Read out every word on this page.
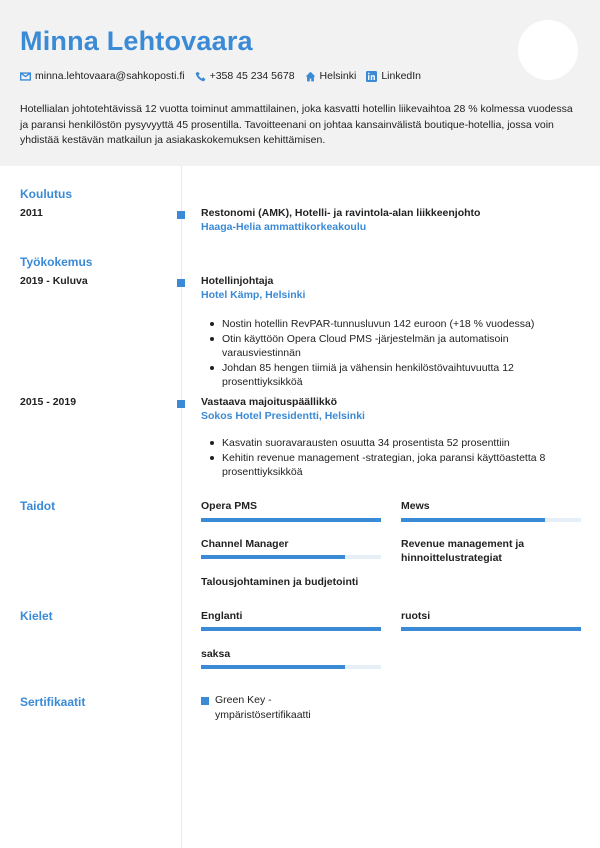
Minna Lehtovaara
minna.lehtovaara@sahkoposti.fi +358 45 234 5678 Helsinki LinkedIn
Hotellialan johtotehtävissä 12 vuotta toiminut ammattilainen, joka kasvatti hotellin liikevaihtoa 28 % kolmessa vuodessa ja paransi henkilöstön pysyvyyttä 45 prosentilla. Tavoitteenani on johtaa kansainvälistä boutique-hotellia, jossa voin yhdistää kestävän matkailun ja asiakaskokemuksen kehittämisen.
Koulutus
2011	Restonomi (AMK), Hotelli- ja ravintola-alan liikkeenjohto
Haaga-Helia ammattikorkeakoulu
Työkokemus
2019 - Kuluva	Hotellinjohtaja
Hotel Kämp, Helsinki
Nostin hotellin RevPAR-tunnusluvun 142 euroon (+18 % vuodessa)
Otin käyttöön Opera Cloud PMS -järjestelmän ja automatisoin varausviestinnän
Johdan 85 hengen tiimiä ja vähensin henkilöstövaihtuvuutta 12 prosenttiyksikköä
2015 - 2019	Vastaava majoituspäällikkö
Sokos Hotel Presidentti, Helsinki
Kasvatin suoravarausten osuutta 34 prosentista 52 prosenttiin
Kehitin revenue management -strategian, joka paransi käyttöastetta 8 prosenttiyksikköä
Taidot	Opera PMS	Mews
Channel Manager	Revenue management ja hinnoittelustrategiat
Talousjohtaminen ja budjetointi
Kielet	Englanti	ruotsi
saksa
Sertifikaatit	Green Key -ympäristösertifikaatti
